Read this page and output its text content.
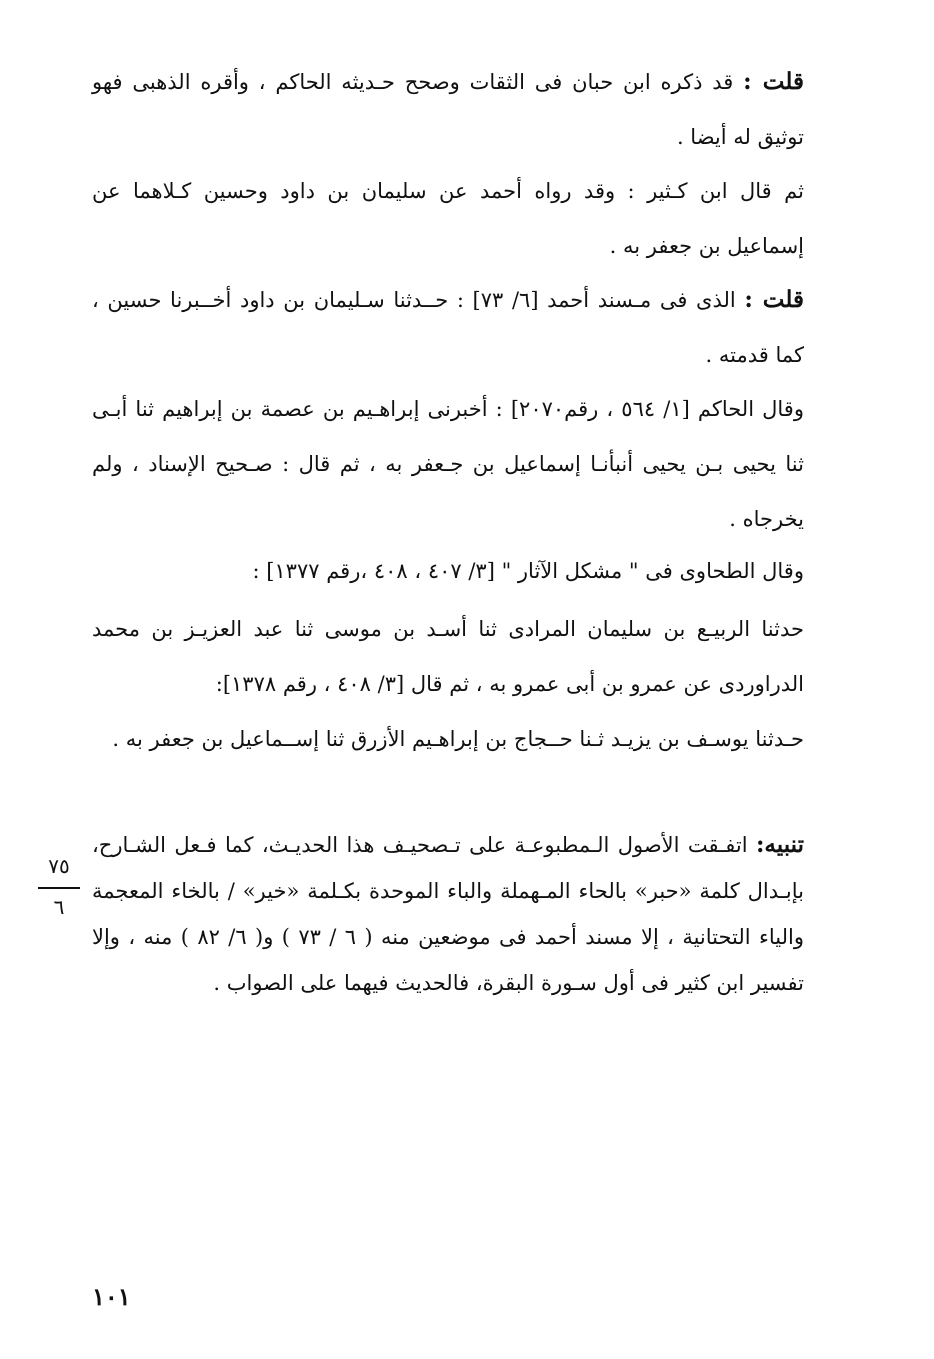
قلت : قد ذكره ابن حبان فى الثقات وصحح حـديثه الحاكم ، وأقره الذهبى فهو توثيق له أيضا .
ثم قال ابن كـثير : وقد رواه أحمد عن سليمان بن داود وحسين كـلاهما عن إسماعيل بن جعفر به .
قلت : الذى فى مـسند أحمد [٦/ ٧٣] : حــدثنا سـليمان بن داود أخــبرنا حسين ، كما قدمته .
وقال الحاكم [١/ ٥٦٤ ، رقم٢٠٧٠] : أخبرنى إبراهـيم بن عصمة بن إبراهيم ثنا أبـى ثنا يحيى بـن يحيى أنبأنـا إسماعيل بن جـعفر به ، ثم قال : صـحيح الإسناد ، ولم يخرجاه .
وقال الطحاوى فى " مشكل الآثار " [٣/ ٤٠٧ ، ٤٠٨ ،رقم ١٣٧٧] :
حدثنا الربيـع بن سليمان المرادى ثنا أسـد بن موسى ثنا عبد العزيـز بن محمد الدراوردى عن عمرو بن أبى عمرو به ، ثم قال [٣/ ٤٠٨ ، رقم ١٣٧٨]:
حـدثنا يوسـف بن يزيـد ثـنا حــجاج بن إبراهـيم الأزرق ثنا إســماعيل بن جعفر به .
تنبيه: اتفـقت الأصول الـمطبوعـة على تـصحيـف هذا الحديـث، كما فـعل الشـارح، بإبـدال كلمة «حبر» بالحاء المـهملة والباء الموحدة بكـلمة «خير» / بالخاء المعجمة والياء التحتانية ، إلا مسند أحمد فى موضعين منه ( ٦ / ٧٣ ) و( ٦/ ٨٢ ) منه ، وإلا تفسير ابن كثير فى أول سـورة البقرة، فالحديث فيهما على الصواب .
٧٥
٦
١٠١
